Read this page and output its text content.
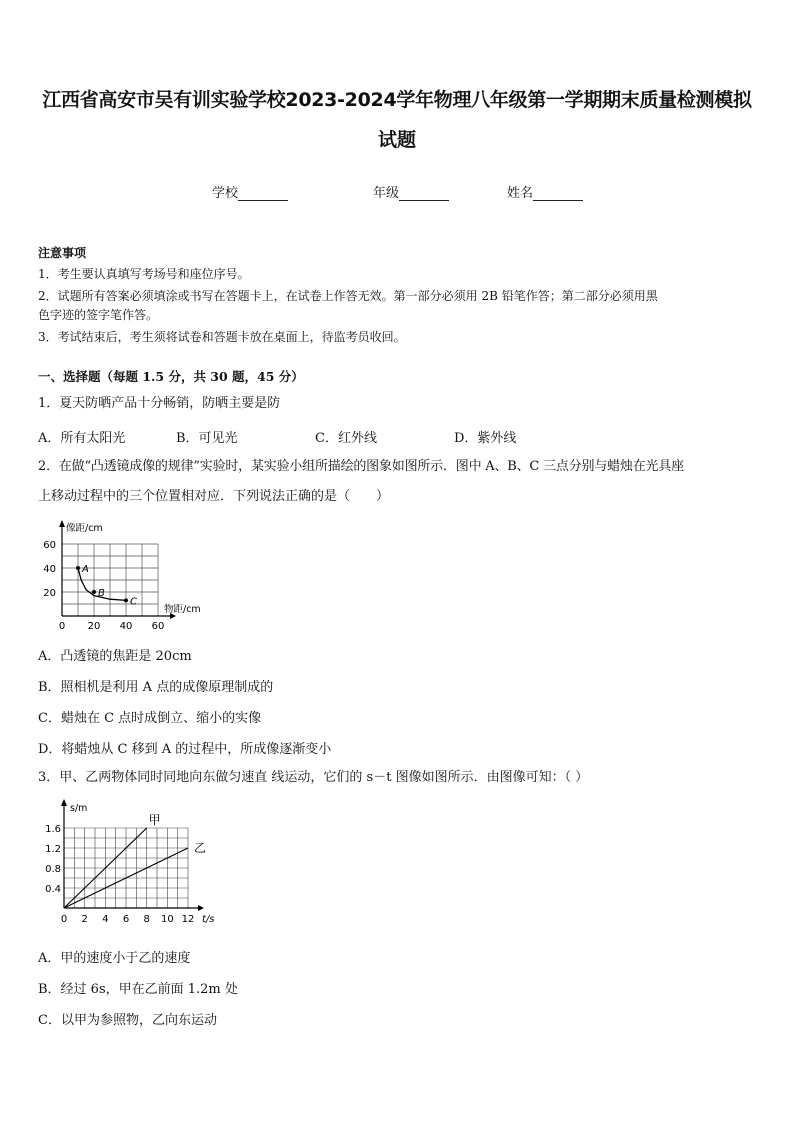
江西省高安市吴有训实验学校2023-2024学年物理八年级第一学期期末质量检测模拟
试题
学校	年级	姓名
注意事项
1．考生要认真填写考场号和座位序号。
2．试题所有答案必须填涂或书写在答题卡上，在试卷上作答无效。第一部分必须用 2B 铅笔作答；第二部分必须用黑
色字迹的签字笔作答。
3．考试结束后，考生须将试卷和答题卡放在桌面上，待监考员收回。
一、选择题（每题 1.5 分，共 30 题，45 分）
1．夏天防晒产品十分畅销，防晒主要是防
A．所有太阳光	B．可见光	C．红外线	D．紫外线
2．在做“凸透镜成像的规律”实验时，某实验小组所描绘的图象如图所示．图中 A、B、C 三点分别与蜡烛在光具座
上移动过程中的三个位置相对应．下列说法正确的是（　　）
0 20 40 60
20
40
60
像距/cm
物距/cm
A
B
C
A．凸透镜的焦距是 20cm
B．照相机是利用 A 点的成像原理制成的
C．蜡烛在 C 点时成倒立、缩小的实像
D．将蜡烛从 C 移到 A 的过程中，所成像逐渐变小
3．甲、乙两物体同时同地向东做匀速直 线运动，它们的 s－t 图像如图所示．由图像可知：（ ）
0 2 4 6 8 10 12
0.4
0.8
1.2
1.6
s/m
t/s
甲
乙
A．甲的速度小于乙的速度
B．经过 6s，甲在乙前面 1.2m 处
C．以甲为参照物，乙向东运动
